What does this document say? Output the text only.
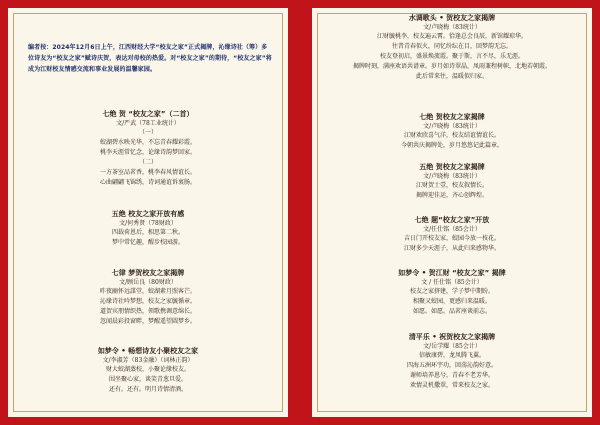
编者按：2024年12月6日上午，江西财经大学“校友之家”正式揭牌，沁缘诗社（筹）多位诗友为“校友之家”赋诗庆贺，表达对母校的热爱。对“校友之家”的期待，“校友之家”将成为江财校友情感交流和事业发展的温馨家园。

七绝 贺 “校友之家”（二首）
文/严武（78工业统计）
（一）
蛟湖碧水映光华，不忘青春耀彩霞。
桃李天涯常忆念，论缘诗韵梦回家。
（二）
一方茶室品茗香，桃李春风情谊长。
心曲翩翩飞锦绣，诗词通谊诉衷肠。
五绝 校友之家开放有感
文/何秀贤（78财政）
四载荷恩后，相思第二秋。
梦中常忆趣，醒步校园游。
七律 梦贺校友之家揭牌
文/顾岳良（80财政）
昨夜幽怀远謀堂，蛟湖素月照客芒。
沁缘诗社吟梦想，校友之家毓循章。
道贺宾朋情织热，领歌携调意绵长。
忽闻晨彩投窗畔，梦醒遥望圆梦乡。
如梦令 • 畅想诗友小聚校友之家
文/李淑芳（83金融）（词林正韵）
财大蛟湖蒸校，小聚论缘校友。
围坐聚心家，谈笑青葱旦爱。
还有。还有。明月诗情清酒。
水调歌头 • 贺校友之家揭牌
文/卢晓梅（83统计）
江财毓桃李，校友遍云霄。恰逢总会良辰，新馆耀琼华。
往昔青春似火，同忆纷纭在目，回梦韵无忘。
校友登初启，盛景焕流霞。聚于斯，言不尽，乐无涯。
揭牌时刻，满座欢语共谱章。岁月如诗翠晶，凤雨兼程树帜，北地若朝霞。
此后常来往，温暖似归家。
七绝 贺校友之家揭牌
文/卢晓梅（83统计）
江财欢欣喜气洋，校友结谊情谊长。
今朝共庆揭牌处，岁月悠悠记此篇章。
五绝 贺校友之家揭牌
文/卢晓梅（83统计）
江财贺士壹，校友叙情长。
揭牌迎佳运，齐心创辉煌。
七绝 题“校友之家”开放
文/任仕铭（85会计）
吉日门开校友家，蛟园今放一枝花。
江财多少天涯子，从此归来感物华。
如梦令 • 贺江财 “校友之家” 揭牌
文 / 任仕铭（85会计）
校友之家挤建，学子梦中期盼。
相聚又蛟园，更感归来温暖。
如愿。如愿。品茗座谈前志。
清平乐 • 祝贺校友之家揭牌
文/岳学耀（85会计）
信敏康碧，龙凤腾飞翼。
四海五洲环宇功，回荡沁韵好意。
谢师培养恩兮，青春不老芳华。
欢情灵机撒翠，常来校友之家。
